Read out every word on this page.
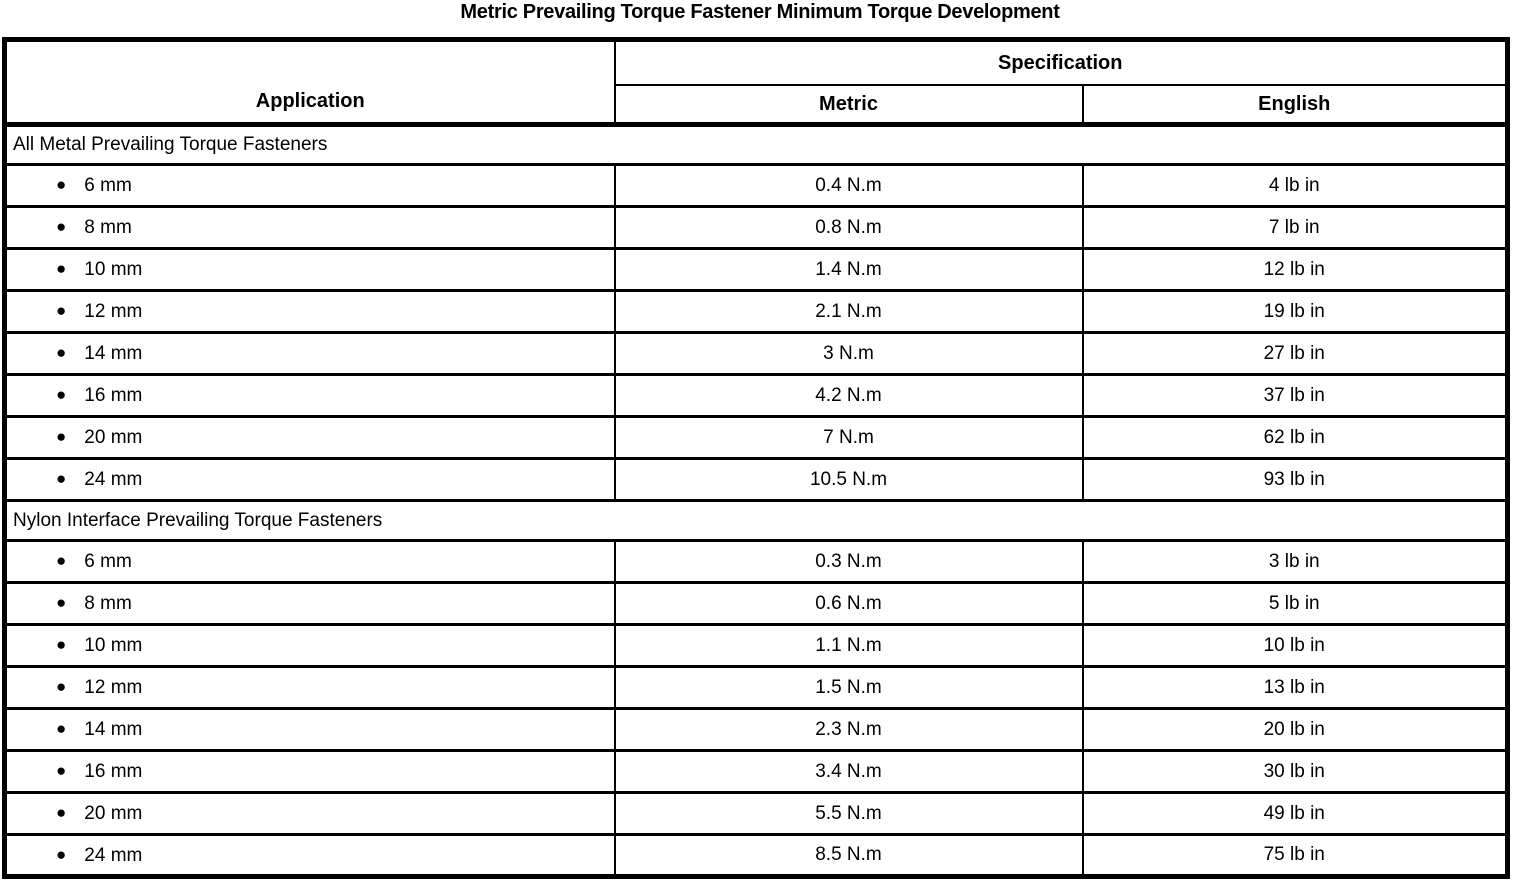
Metric Prevailing Torque Fastener Minimum Torque Development
Application	Specification	
	Metric	English
All Metal Prevailing Torque Fasteners		
● 6 mm	0.4 N.m	4 lb in
● 8 mm	0.8 N.m	7 lb in
● 10 mm	1.4 N.m	12 lb in
● 12 mm	2.1 N.m	19 lb in
● 14 mm	3 N.m	27 lb in
● 16 mm	4.2 N.m	37 lb in
● 20 mm	7 N.m	62 lb in
● 24 mm	10.5 N.m	93 lb in
Nylon Interface Prevailing Torque Fasteners		
● 6 mm	0.3 N.m	3 lb in
● 8 mm	0.6 N.m	5 lb in
● 10 mm	1.1 N.m	10 lb in
● 12 mm	1.5 N.m	13 lb in
● 14 mm	2.3 N.m	20 lb in
● 16 mm	3.4 N.m	30 lb in
● 20 mm	5.5 N.m	49 lb in
● 24 mm	8.5 N.m	75 lb in
